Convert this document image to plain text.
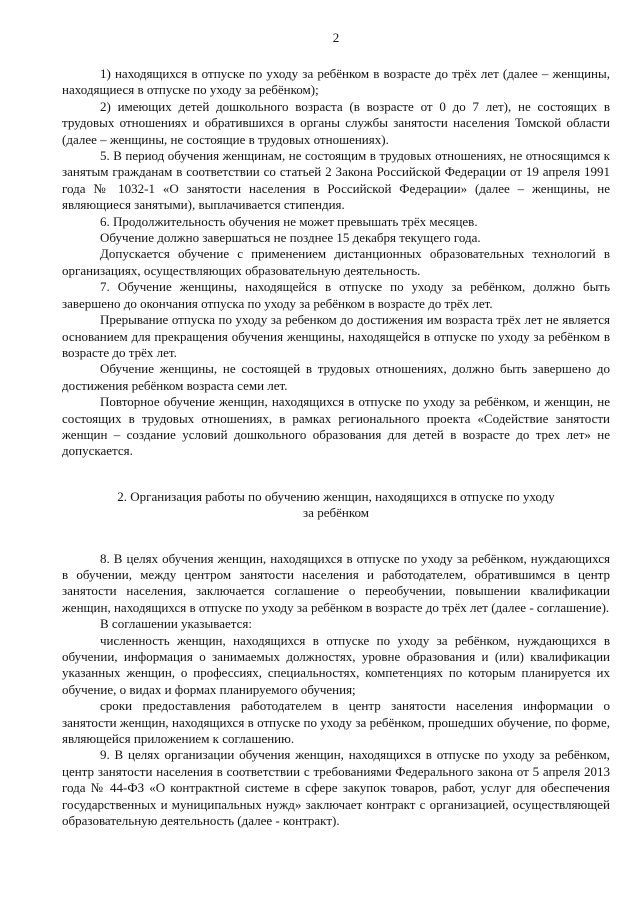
2

1) находящихся в отпуске по уходу за ребёнком в возрасте до трёх лет (далее – женщины, находящиеся в отпуске по уходу за ребёнком);

2) имеющих детей дошкольного возраста (в возрасте от 0 до 7 лет), не состоящих в трудовых отношениях и обратившихся в органы службы занятости населения Томской области (далее – женщины, не состоящие в трудовых отношениях).

5. В период обучения женщинам, не состоящим в трудовых отношениях, не относящимся к занятым гражданам в соответствии со статьей 2 Закона Российской Федерации от 19 апреля 1991 года № 1032-1 «О занятости населения в Российской Федерации» (далее – женщины, не являющиеся занятыми), выплачивается стипендия.

6. Продолжительность обучения не может превышать трёх месяцев.

Обучение должно завершаться не позднее 15 декабря текущего года.

Допускается обучение с применением дистанционных образовательных технологий в организациях, осуществляющих образовательную деятельность.

7. Обучение женщины, находящейся в отпуске по уходу за ребёнком, должно быть завершено до окончания отпуска по уходу за ребёнком в возрасте до трёх лет.

Прерывание отпуска по уходу за ребенком до достижения им возраста трёх лет не является основанием для прекращения обучения женщины, находящейся в отпуске по уходу за ребёнком в возрасте до трёх лет.

Обучение женщины, не состоящей в трудовых отношениях, должно быть завершено до достижения ребёнком возраста семи лет.

Повторное обучение женщин, находящихся в отпуске по уходу за ребёнком, и женщин, не состоящих в трудовых отношениях, в рамках регионального проекта «Содействие занятости женщин – создание условий дошкольного образования для детей в возрасте до трех лет» не допускается.

2. Организация работы по обучению женщин, находящихся в отпуске по уходу
за ребёнком

8. В целях обучения женщин, находящихся в отпуске по уходу за ребёнком, нуждающихся в обучении, между центром занятости населения и работодателем, обратившимся в центр занятости населения, заключается соглашение о переобучении, повышении квалификации женщин, находящихся в отпуске по уходу за ребёнком в возрасте до трёх лет (далее - соглашение).

В соглашении указывается:

численность женщин, находящихся в отпуске по уходу за ребёнком, нуждающихся в обучении, информация о занимаемых должностях, уровне образования и (или) квалификации указанных женщин, о профессиях, специальностях, компетенциях по которым планируется их обучение, о видах и формах планируемого обучения;

сроки предоставления работодателем в центр занятости населения информации о занятости женщин, находящихся в отпуске по уходу за ребёнком, прошедших обучение, по форме, являющейся приложением к соглашению.

9. В целях организации обучения женщин, находящихся в отпуске по уходу за ребёнком, центр занятости населения в соответствии с требованиями Федерального закона от 5 апреля 2013 года № 44-ФЗ «О контрактной системе в сфере закупок товаров, работ, услуг для обеспечения государственных и муниципальных нужд» заключает контракт с организацией, осуществляющей образовательную деятельность (далее - контракт).
